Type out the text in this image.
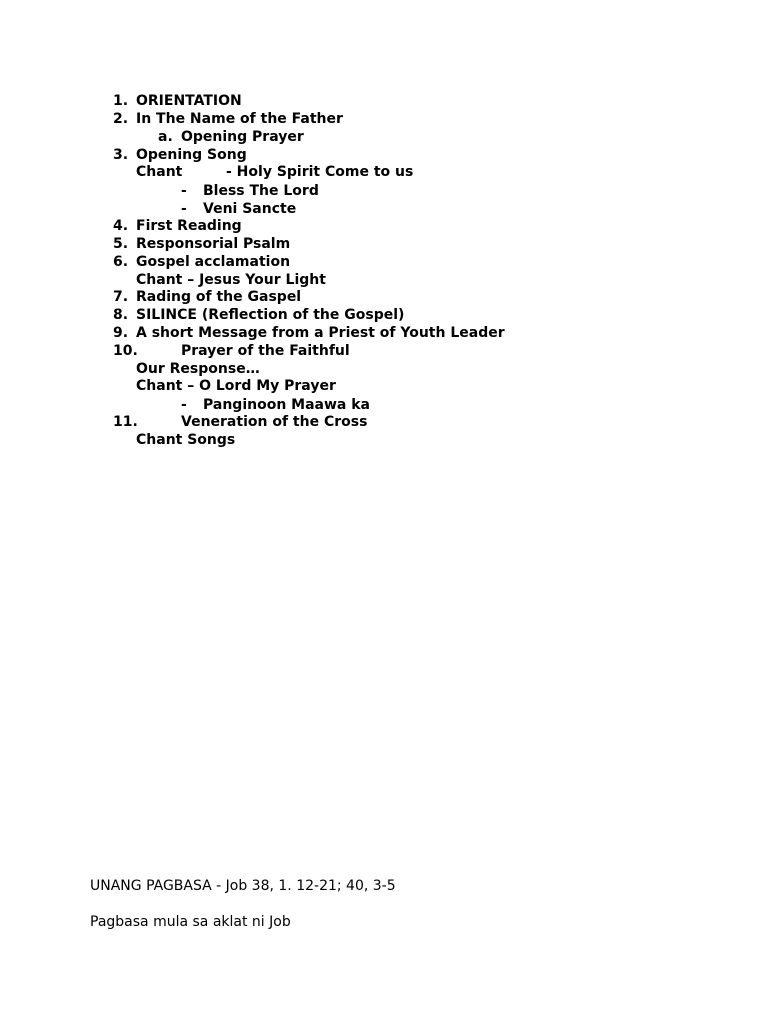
1. ORIENTATION
2. In The Name of the Father
a. Opening Prayer
3. Opening Song
Chant	- Holy Spirit Come to us
- Bless The Lord
- Veni Sancte
4. First Reading
5. Responsorial Psalm
6. Gospel acclamation
Chant – Jesus Your Light
7. Rading of the Gaspel
8. SILINCE (Reflection of the Gospel)
9. A short Message from a Priest of Youth Leader
10.	Prayer of the Faithful
Our Response…
Chant – O Lord My Prayer
- Panginoon Maawa ka
11.	Veneration of the Cross
Chant Songs
UNANG PAGBASA - Job 38, 1. 12-21; 40, 3-5
Pagbasa mula sa aklat ni Job
